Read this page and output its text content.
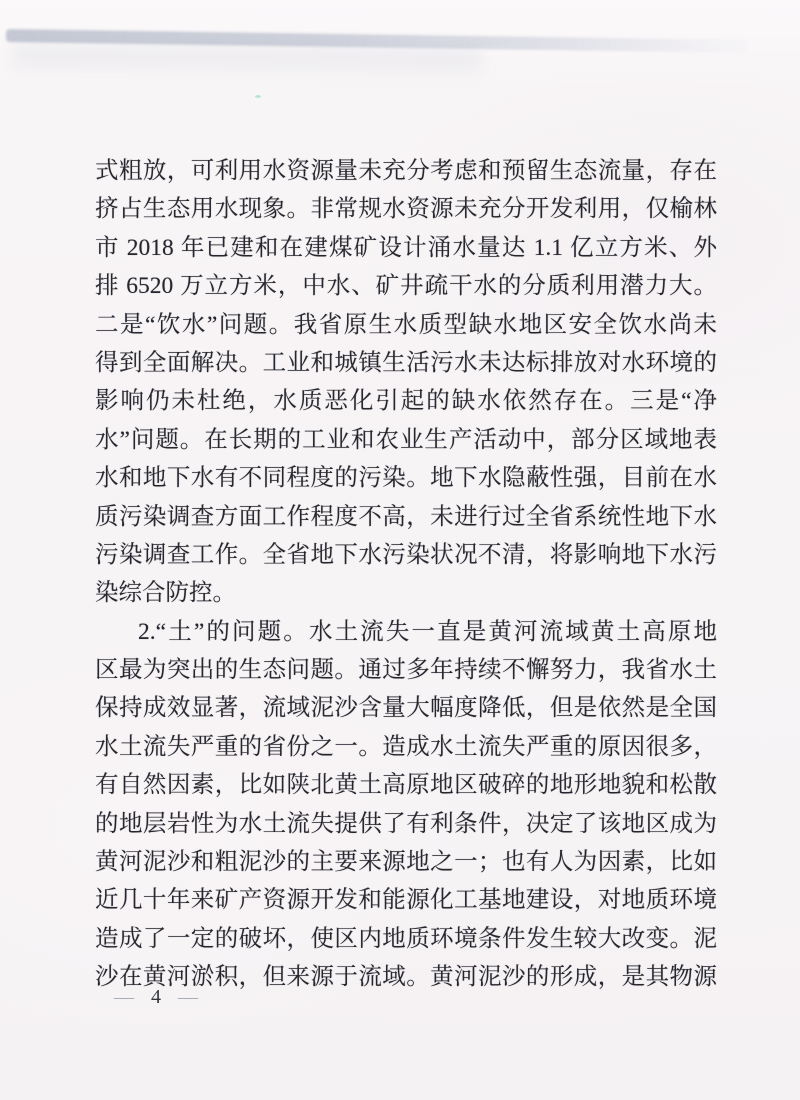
式粗放，可利用水资源量未充分考虑和预留生态流量，存在
挤占生态用水现象。非常规水资源未充分开发利用，仅榆林
市 2018 年已建和在建煤矿设计涌水量达 1.1 亿立方米、外
排 6520 万立方米，中水、矿井疏干水的分质利用潜力大。
二是“饮水”问题。我省原生水质型缺水地区安全饮水尚未
得到全面解决。工业和城镇生活污水未达标排放对水环境的
影响仍未杜绝，水质恶化引起的缺水依然存在。三是“净
水”问题。在长期的工业和农业生产活动中，部分区域地表
水和地下水有不同程度的污染。地下水隐蔽性强，目前在水
质污染调查方面工作程度不高，未进行过全省系统性地下水
污染调查工作。全省地下水污染状况不清，将影响地下水污
染综合防控。
2.“土”的问题。水土流失一直是黄河流域黄土高原地
区最为突出的生态问题。通过多年持续不懈努力，我省水土
保持成效显著，流域泥沙含量大幅度降低，但是依然是全国
水土流失严重的省份之一。造成水土流失严重的原因很多，
有自然因素，比如陕北黄土高原地区破碎的地形地貌和松散
的地层岩性为水土流失提供了有利条件，决定了该地区成为
黄河泥沙和粗泥沙的主要来源地之一；也有人为因素，比如
近几十年来矿产资源开发和能源化工基地建设，对地质环境
造成了一定的破坏，使区内地质环境条件发生较大改变。泥
沙在黄河淤积，但来源于流域。黄河泥沙的形成，是其物源
— 4 —
